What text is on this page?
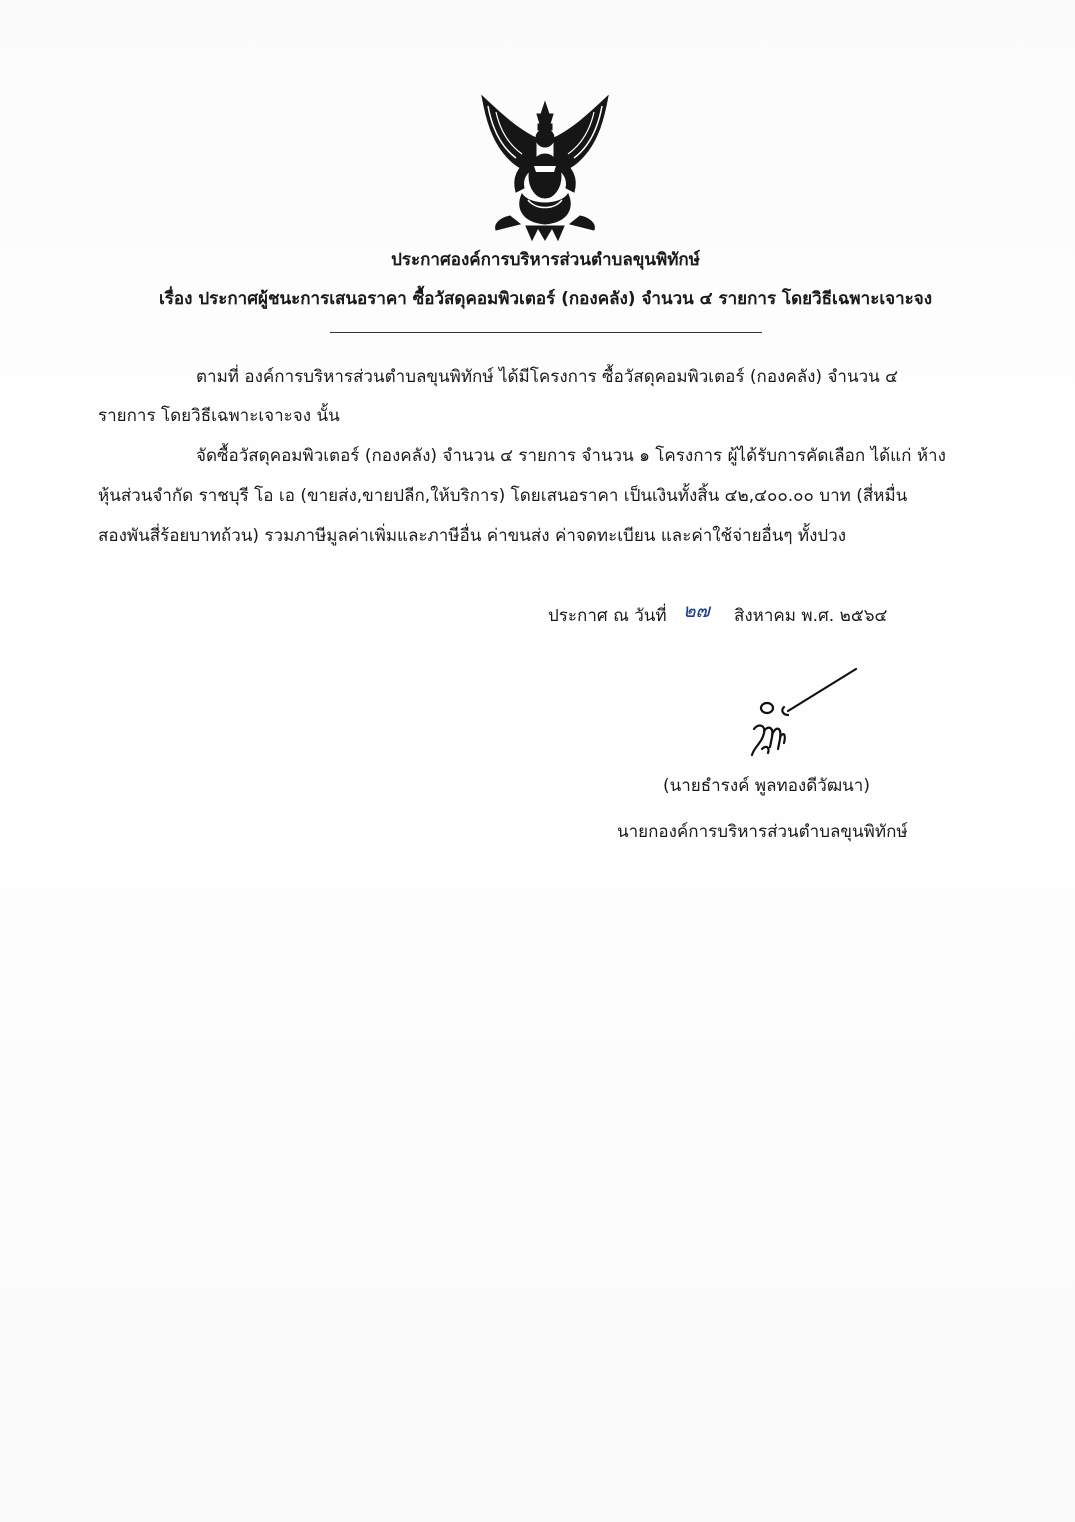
ประกาศองค์การบริหารส่วนตำบลขุนพิทักษ์
เรื่อง ประกาศผู้ชนะการเสนอราคา ซื้อวัสดุคอมพิวเตอร์ (กองคลัง) จำนวน ๔ รายการ โดยวิธีเฉพาะเจาะจง
ตามที่ องค์การบริหารส่วนตำบลขุนพิทักษ์ ได้มีโครงการ ซื้อวัสดุคอมพิวเตอร์ (กองคลัง) จำนวน ๔
รายการ โดยวิธีเฉพาะเจาะจง นั้น
จัดซื้อวัสดุคอมพิวเตอร์ (กองคลัง) จำนวน ๔ รายการ จำนวน ๑ โครงการ ผู้ได้รับการคัดเลือก ได้แก่ ห้าง
หุ้นส่วนจำกัด ราชบุรี โอ เอ (ขายส่ง,ขายปลีก,ให้บริการ) โดยเสนอราคา เป็นเงินทั้งสิ้น ๔๒,๔๐๐.๐๐ บาท (สี่หมื่น
สองพันสี่ร้อยบาทถ้วน) รวมภาษีมูลค่าเพิ่มและภาษีอื่น ค่าขนส่ง ค่าจดทะเบียน และค่าใช้จ่ายอื่นๆ ทั้งปวง
ประกาศ ณ วันที่ ๒๗ สิงหาคม พ.ศ. ๒๕๖๔
(นายธำรงค์ พูลทองดีวัฒนา)
นายกองค์การบริหารส่วนตำบลขุนพิทักษ์
